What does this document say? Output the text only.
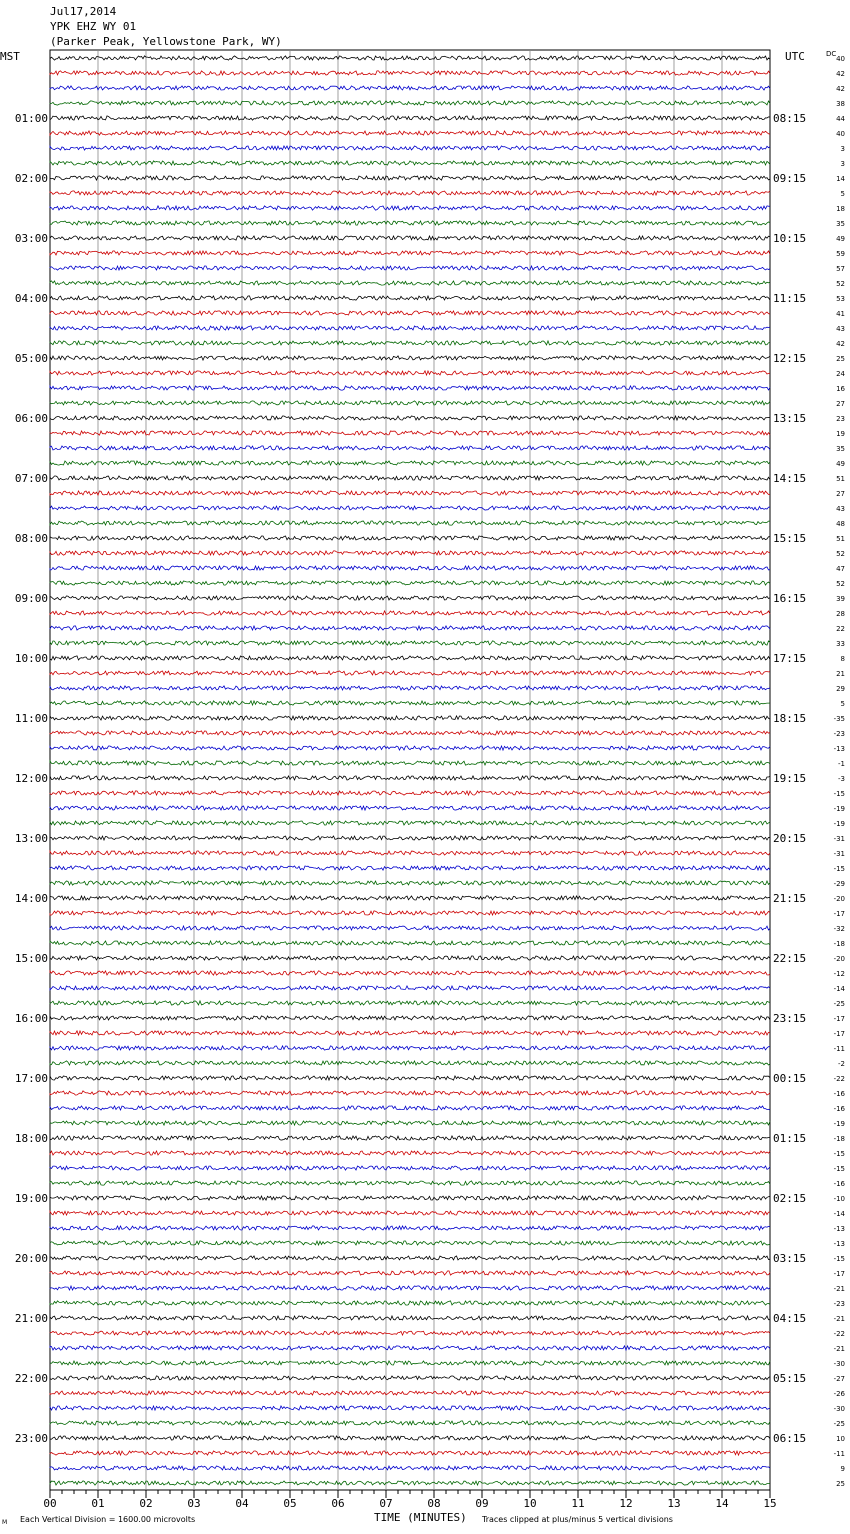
Jul17,2014
YPK EHZ WY 01
(Parker Peak, Yellowstone Park, WY)
MST	UTC	DC
40
42
42
38
44
40
3
3
14
5
18
35
49
59
57
52
53
41
43
42
25
24
16
27
23
19
35
49
51
27
43
48
51
52
47
52
39
28
22
33
8
21
29
5
-35
-23
-13
-1
-3
-15
-19
-19
-31
-31
-15
-29
-20
-17
-32
-18
-20
-12
-14
-25
-17
-17
-11
-2
-22
-16
-16
-19
-18
-15
-15
-16
-10
-14
-13
-13
-15
-17
-21
-23
-21
-22
-21
-30
-27
-26
-30
-25
10
-11
9
25
01:00
02:00
03:00
04:00
05:00
06:00
07:00
08:00
09:00
10:00
11:00
12:00
13:00
14:00
15:00
16:00
17:00
18:00
19:00
20:00
21:00
22:00
23:00
08:15
09:15
10:15
11:15
12:15
13:15
14:15
15:15
16:15
17:15
18:15
19:15
20:15
21:15
22:15
23:15
00:15
01:15
02:15
03:15
04:15
05:15
06:15
00	01	02	03	04	05	06	07	08	09	10	11	12	13	14	15
M Each Vertical Division = 1600.00 microvolts	TIME (MINUTES) Traces clipped at plus/minus 5 vertical divisions
